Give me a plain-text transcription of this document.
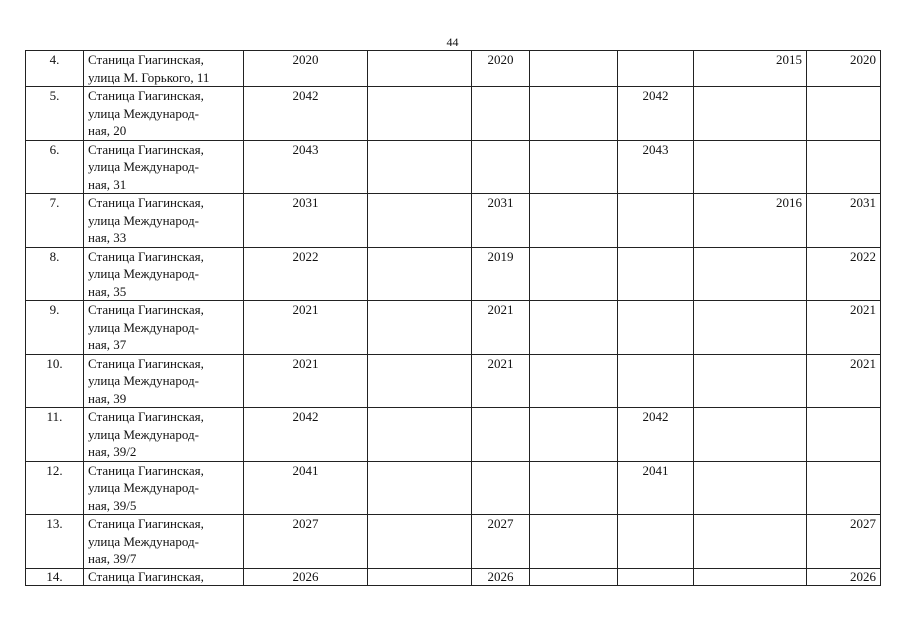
44
4.	Станица Гиагинская,
улица М. Горького, 11	2020		2020			2015	2020
5.	Станица Гиагинская,
улица Международ-
ная, 20	2042				2042		
6.	Станица Гиагинская,
улица Международ-
ная, 31	2043				2043		
7.	Станица Гиагинская,
улица Международ-
ная, 33	2031		2031			2016	2031
8.	Станица Гиагинская,
улица Международ-
ная, 35	2022		2019				2022
9.	Станица Гиагинская,
улица Международ-
ная, 37	2021		2021				2021
10.	Станица Гиагинская,
улица Международ-
ная, 39	2021		2021				2021
11.	Станица Гиагинская,
улица Международ-
ная, 39/2	2042				2042		
12.	Станица Гиагинская,
улица Международ-
ная, 39/5	2041				2041		
13.	Станица Гиагинская,
улица Международ-
ная, 39/7	2027		2027				2027
14.	Станица Гиагинская,	2026		2026				2026
